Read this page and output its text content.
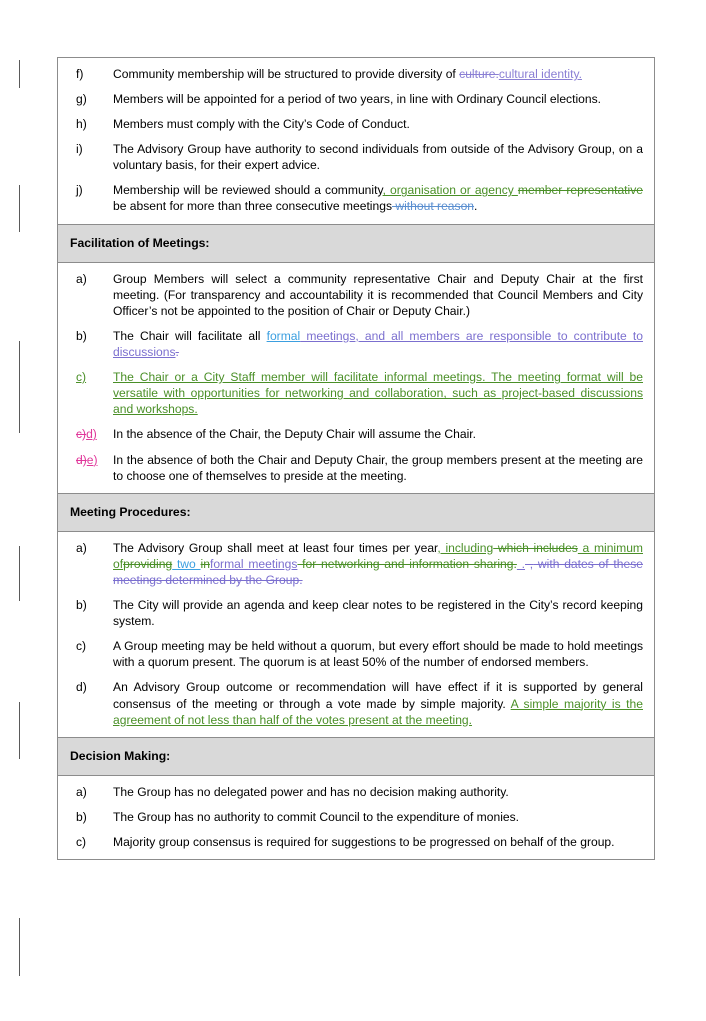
f)	Community membership will be structured to provide diversity of culture.cultural identity.
g)	Members will be appointed for a period of two years, in line with Ordinary Council elections.
h)	Members must comply with the City’s Code of Conduct.
i)	The Advisory Group have authority to second individuals from outside of the Advisory Group, on a voluntary basis, for their expert advice.
j)	Membership will be reviewed should a community, organisation or agency member representative be absent for more than three consecutive meetings without reason.
Facilitation of Meetings:
a)	Group Members will select a community representative Chair and Deputy Chair at the first meeting. (For transparency and accountability it is recommended that Council Members and City Officer’s not be appointed to the position of Chair or Deputy Chair.)
b)	The Chair will facilitate all formal meetings, and all members are responsible to contribute to discussions.
c)	The Chair or a City Staff member will facilitate informal meetings. The meeting format will be versatile with opportunities for networking and collaboration, such as project-based discussions and workshops.
c)d)	In the absence of the Chair, the Deputy Chair will assume the Chair.
d)e)	In the absence of both the Chair and Deputy Chair, the group members present at the meeting are to choose one of themselves to preside at the meeting.
Meeting Procedures:
a)	The Advisory Group shall meet at least four times per year, including which includes a minimum ofproviding two informal meetings for networking and information sharing. . , with dates of these meetings determined by the Group.
b)	The City will provide an agenda and keep clear notes to be registered in the City’s record keeping system.
c)	A Group meeting may be held without a quorum, but every effort should be made to hold meetings with a quorum present. The quorum is at least 50% of the number of endorsed members.
d)	An Advisory Group outcome or recommendation will have effect if it is supported by general consensus of the meeting or through a vote made by simple majority. A simple majority is the agreement of not less than half of the votes present at the meeting.
Decision Making:
a)	The Group has no delegated power and has no decision making authority.
b)	The Group has no authority to commit Council to the expenditure of monies.
c)	Majority group consensus is required for suggestions to be progressed on behalf of the group.
